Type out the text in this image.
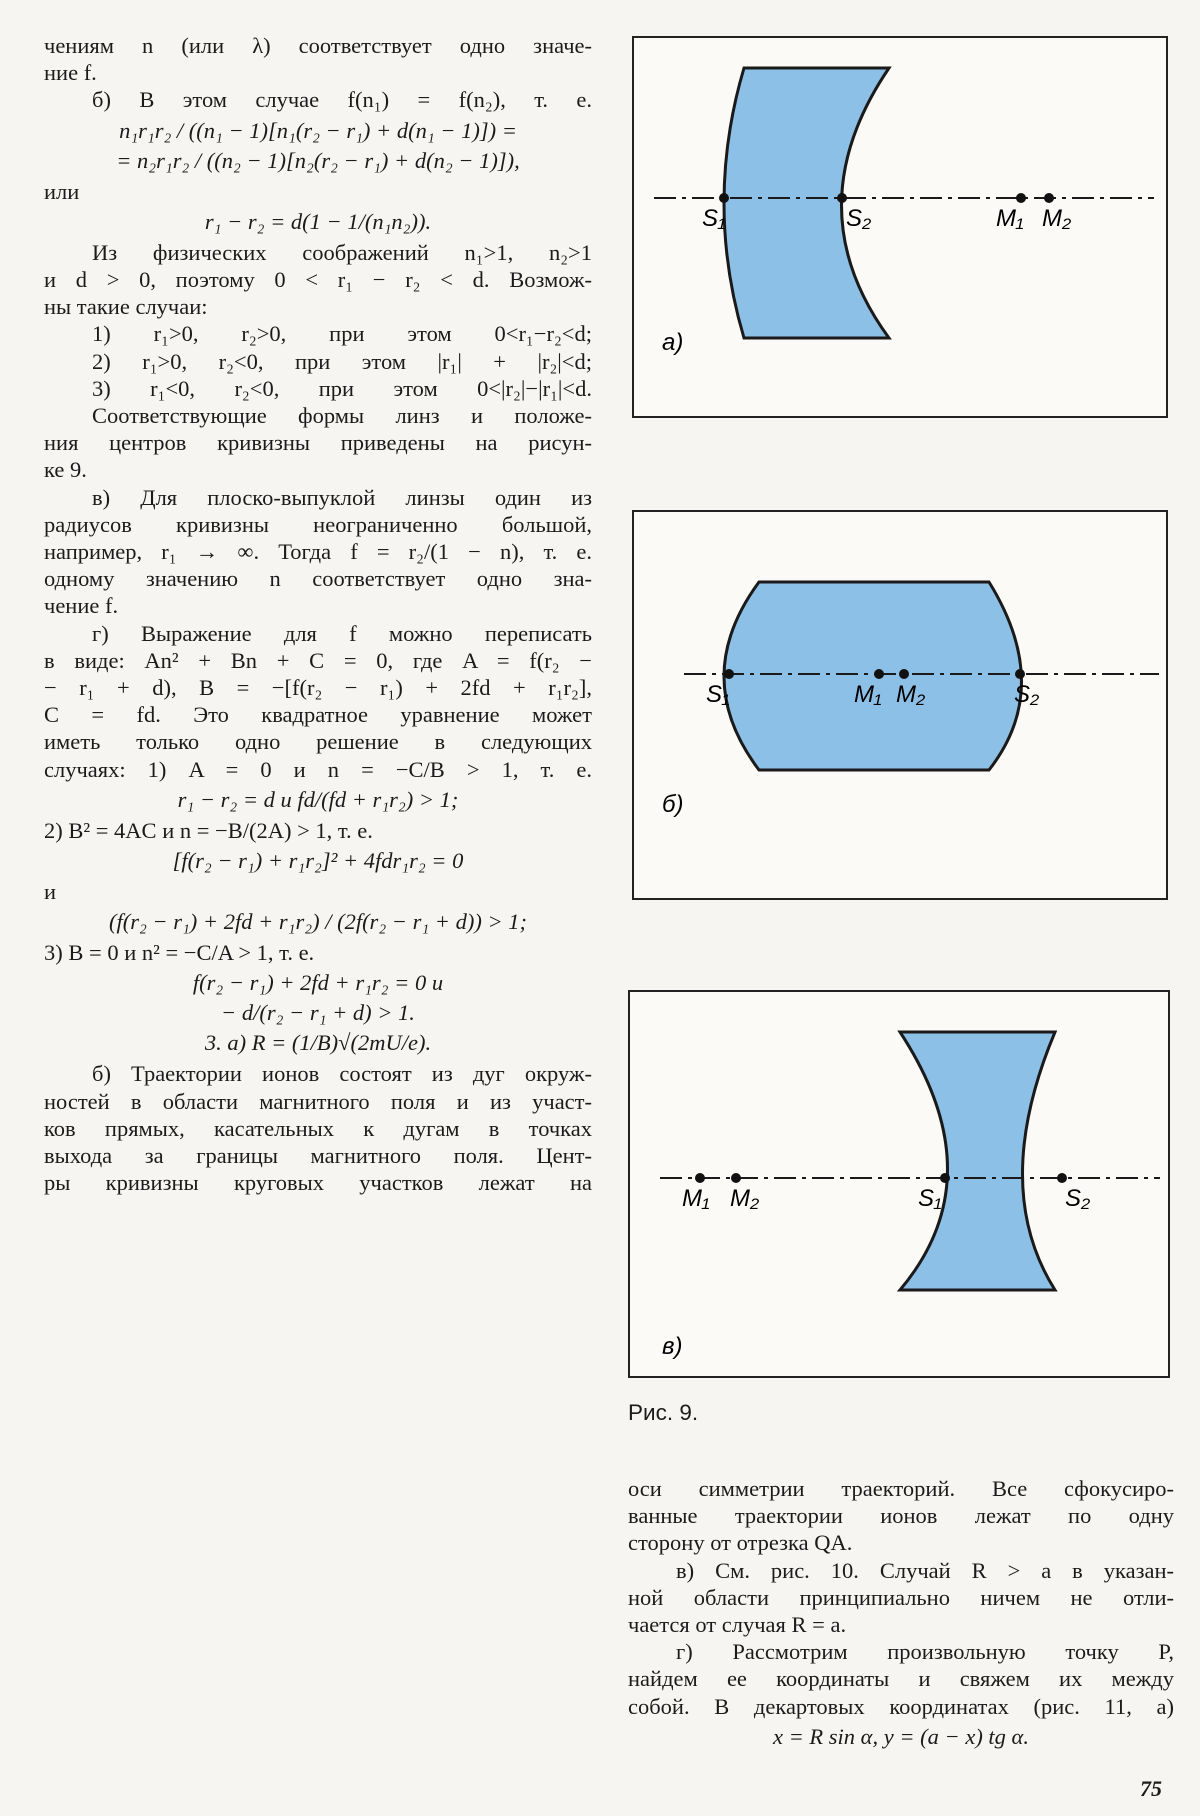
чениям n (или λ) соответствует одно значе-
ние f.
б) В этом случае f(n₁) = f(n₂), т. е.
n₁r₁r₂ / ((n₁ − 1)[n₁(r₂ − r₁) + d(n₁ − 1)]) =
= n₂r₁r₂ / ((n₂ − 1)[n₂(r₂ − r₁) + d(n₂ − 1)]),
или
r₁ − r₂ = d(1 − 1/(n₁n₂)).
Из физических соображений n₁>1, n₂>1
и d > 0, поэтому 0 < r₁ − r₂ < d. Возмож-
ны такие случаи:
1) r₁>0, r₂>0, при этом 0<r₁−r₂<d;
2) r₁>0, r₂<0, при этом |r₁| + |r₂|<d;
3) r₁<0, r₂<0, при этом 0<|r₂|−|r₁|<d.
Соответствующие формы линз и положе-
ния центров кривизны приведены на рисун-
ке 9.
в) Для плоско-выпуклой линзы один из
радиусов кривизны неограниченно большой,
например, r₁ → ∞. Тогда f = r₂/(1 − n), т. е.
одному значению n соответствует одно зна-
чение f.
г) Выражение для f можно переписать
в виде: An² + Bn + C = 0, где A = f(r₂ −
− r₁ + d), B = −[f(r₂ − r₁) + 2fd + r₁r₂],
C = fd. Это квадратное уравнение может
иметь только одно решение в следующих
случаях: 1) A = 0 и n = −C/B > 1, т. е.
r₁ − r₂ = d и fd/(fd + r₁r₂) > 1;
2) B² = 4AC и n = −B/(2A) > 1, т. е.
[f(r₂ − r₁) + r₁r₂]² + 4fdr₁r₂ = 0
и
(f(r₂ − r₁) + 2fd + r₁r₂) / (2f(r₂ − r₁ + d)) > 1;
3) B = 0 и n² = −C/A > 1, т. е.
f(r₂ − r₁) + 2fd + r₁r₂ = 0 и
− d/(r₂ − r₁ + d) > 1.
3. а) R = (1/B)√(2mU/e).
б) Траектории ионов состоят из дуг окруж-
ностей в области магнитного поля и из участ-
ков прямых, касательных к дугам в точках
выхода за границы магнитного поля. Цент-
ры кривизны круговых участков лежат на
S₁	S₂	M₁ M₂
а)
S₁	M₁ M₂	S₂
б)
M₁ M₂	S₁	S₂
в)
Рис. 9.
оси симметрии траекторий. Все сфокусиро-
ванные траектории ионов лежат по одну
сторону от отрезка QA.
в) См. рис. 10. Случай R > a в указан-
ной области принципиально ничем не отли-
чается от случая R = a.
г) Рассмотрим произвольную точку P,
найдем ее координаты и свяжем их между
собой. В декартовых координатах (рис. 11, а)
x = R sin α, y = (a − x) tg α.
75
